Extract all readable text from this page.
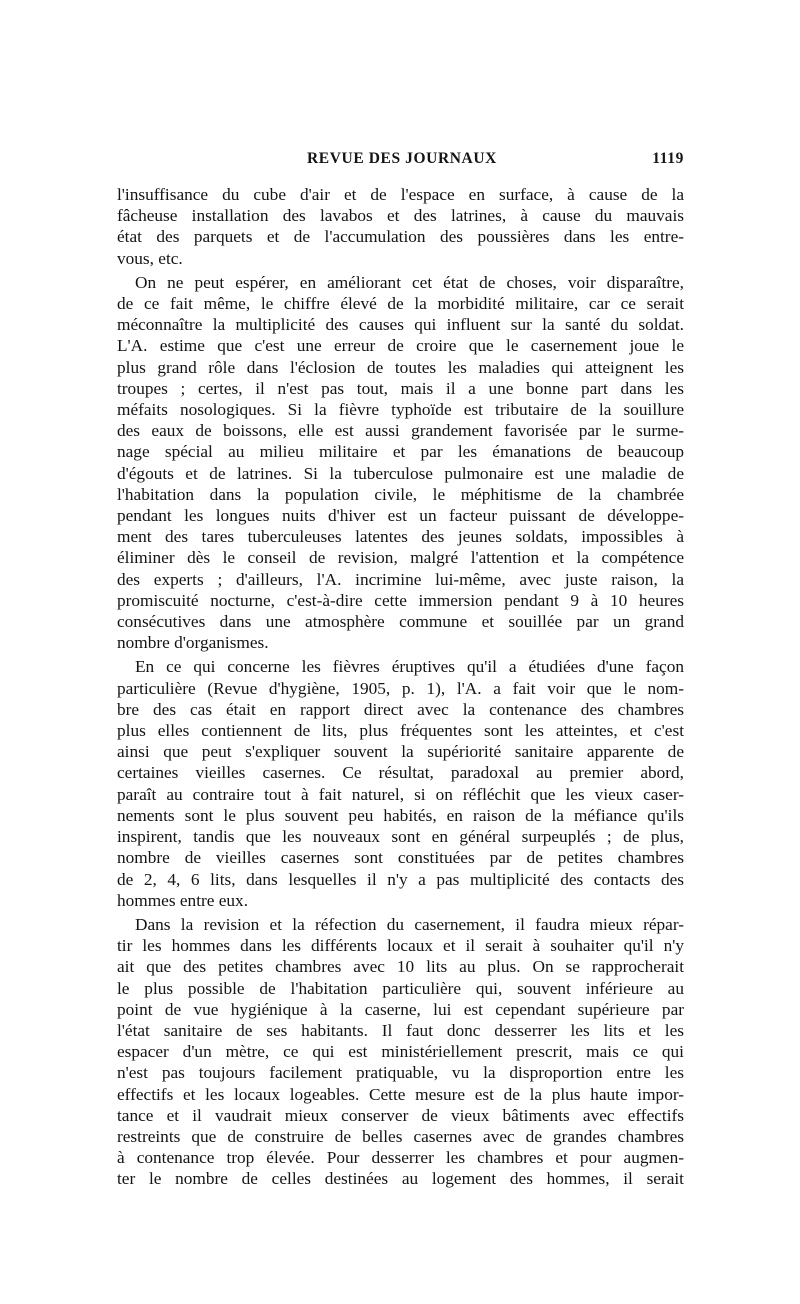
REVUE DES JOURNAUX	1119

l'insuffisance du cube d'air et de l'espace en surface, à cause de la
fâcheuse installation des lavabos et des latrines, à cause du mauvais
état des parquets et de l'accumulation des poussières dans les entre-
vous, etc.

On ne peut espérer, en améliorant cet état de choses, voir disparaître,
de ce fait même, le chiffre élevé de la morbidité militaire, car ce serait
méconnaître la multiplicité des causes qui influent sur la santé du soldat.
L'A. estime que c'est une erreur de croire que le casernement joue le
plus grand rôle dans l'éclosion de toutes les maladies qui atteignent les
troupes ; certes, il n'est pas tout, mais il a une bonne part dans les
méfaits nosologiques. Si la fièvre typhoïde est tributaire de la souillure
des eaux de boissons, elle est aussi grandement favorisée par le surme-
nage spécial au milieu militaire et par les émanations de beaucoup
d'égouts et de latrines. Si la tuberculose pulmonaire est une maladie de
l'habitation dans la population civile, le méphitisme de la chambrée
pendant les longues nuits d'hiver est un facteur puissant de développe-
ment des tares tuberculeuses latentes des jeunes soldats, impossibles à
éliminer dès le conseil de revision, malgré l'attention et la compétence
des experts ; d'ailleurs, l'A. incrimine lui-même, avec juste raison, la
promiscuité nocturne, c'est-à-dire cette immersion pendant 9 à 10 heures
consécutives dans une atmosphère commune et souillée par un grand
nombre d'organismes.

En ce qui concerne les fièvres éruptives qu'il a étudiées d'une façon
particulière (Revue d'hygiène, 1905, p. 1), l'A. a fait voir que le nom-
bre des cas était en rapport direct avec la contenance des chambres
plus elles contiennent de lits, plus fréquentes sont les atteintes, et c'est
ainsi que peut s'expliquer souvent la supériorité sanitaire apparente de
certaines vieilles casernes. Ce résultat, paradoxal au premier abord,
paraît au contraire tout à fait naturel, si on réfléchit que les vieux caser-
nements sont le plus souvent peu habités, en raison de la méfiance qu'ils
inspirent, tandis que les nouveaux sont en général surpeuplés ; de plus,
nombre de vieilles casernes sont constituées par de petites chambres
de 2, 4, 6 lits, dans lesquelles il n'y a pas multiplicité des contacts des
hommes entre eux.

Dans la revision et la réfection du casernement, il faudra mieux répar-
tir les hommes dans les différents locaux et il serait à souhaiter qu'il n'y
ait que des petites chambres avec 10 lits au plus. On se rapprocherait
le plus possible de l'habitation particulière qui, souvent inférieure au
point de vue hygiénique à la caserne, lui est cependant supérieure par
l'état sanitaire de ses habitants. Il faut donc desserrer les lits et les
espacer d'un mètre, ce qui est ministériellement prescrit, mais ce qui
n'est pas toujours facilement pratiquable, vu la disproportion entre les
effectifs et les locaux logeables. Cette mesure est de la plus haute impor-
tance et il vaudrait mieux conserver de vieux bâtiments avec effectifs
restreints que de construire de belles casernes avec de grandes chambres
à contenance trop élevée. Pour desserrer les chambres et pour augmen-
ter le nombre de celles destinées au logement des hommes, il serait
